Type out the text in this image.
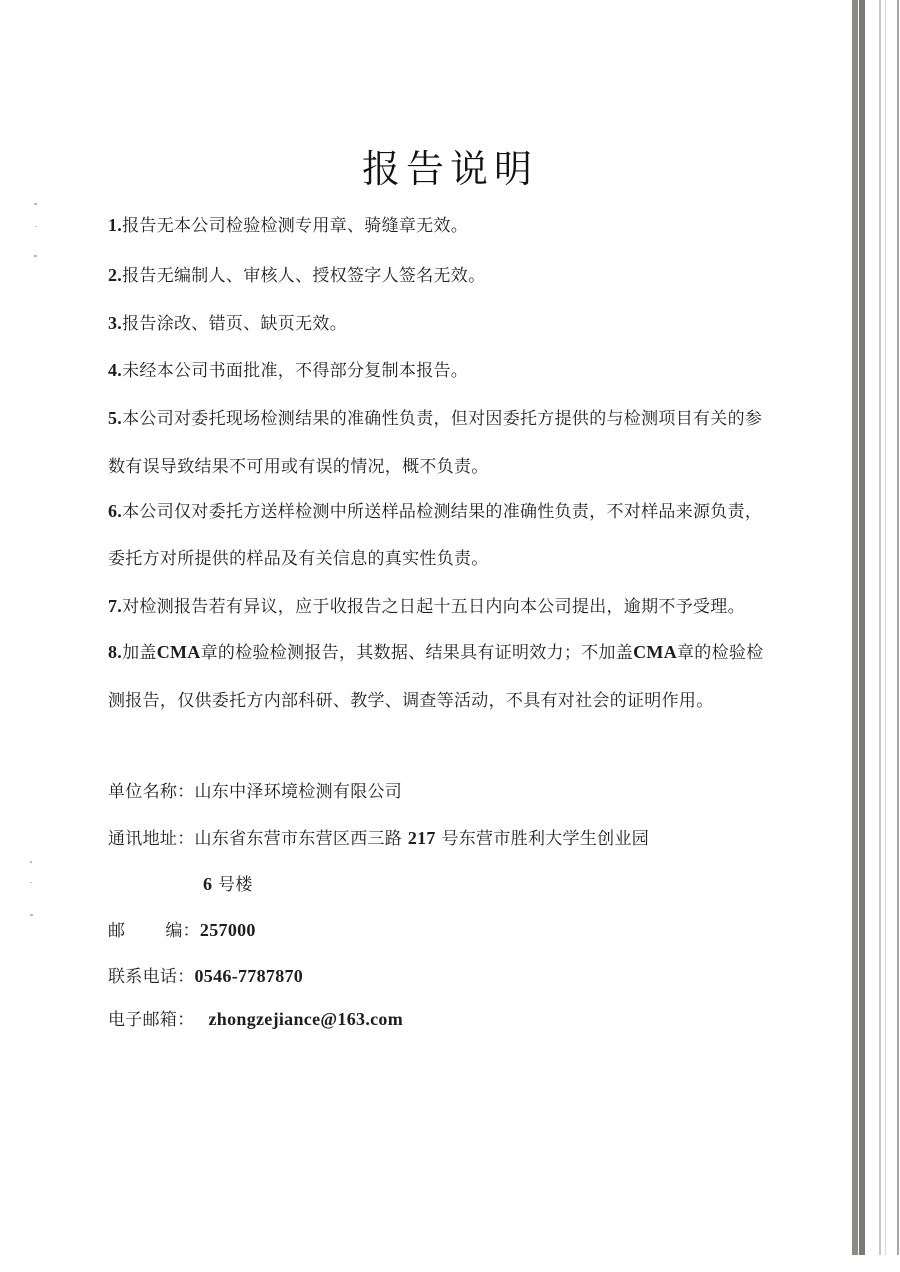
报告说明
1.报告无本公司检验检测专用章、骑缝章无效。
2.报告无编制人、审核人、授权签字人签名无效。
3.报告涂改、错页、缺页无效。
4.未经本公司书面批准，不得部分复制本报告。
5.本公司对委托现场检测结果的准确性负责，但对因委托方提供的与检测项目有关的参
数有误导致结果不可用或有误的情况，概不负责。
6.本公司仅对委托方送样检测中所送样品检测结果的准确性负责，不对样品来源负责，
委托方对所提供的样品及有关信息的真实性负责。
7.对检测报告若有异议，应于收报告之日起十五日内向本公司提出，逾期不予受理。
8.加盖CMA章的检验检测报告，其数据、结果具有证明效力；不加盖CMA章的检验检
测报告，仅供委托方内部科研、教学、调查等活动，不具有对社会的证明作用。
单位名称：山东中泽环境检测有限公司
通讯地址：山东省东营市东营区西三路 217 号东营市胜利大学生创业园
6 号楼
邮 编：257000
联系电话：0546-7787870
电子邮箱： zhongzejiance@163.com
